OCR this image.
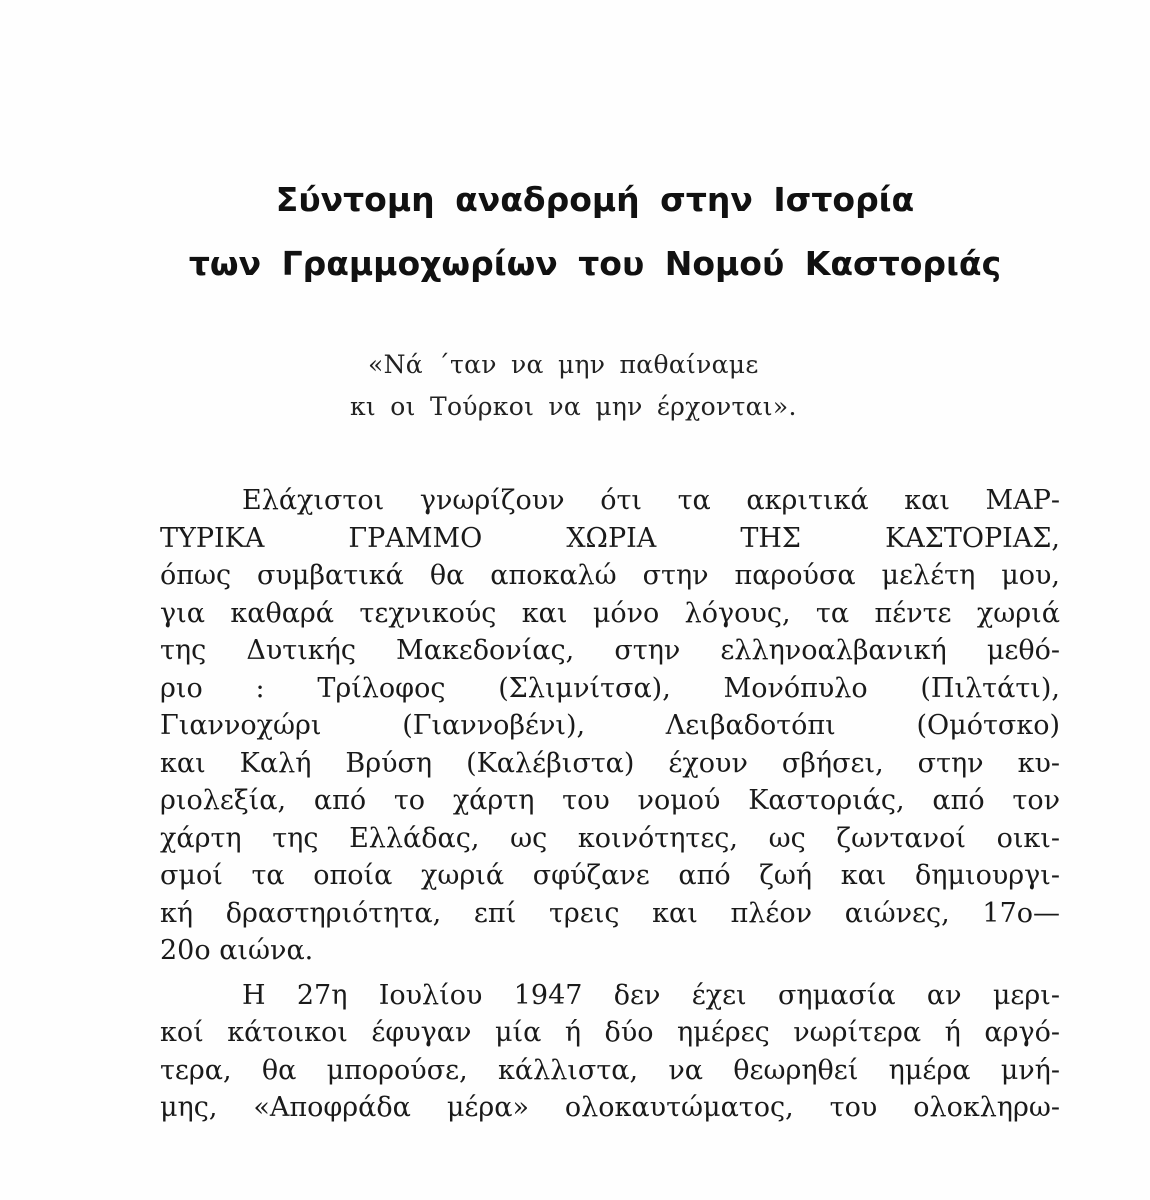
Σύντομη αναδρομή στην Ιστορία
των Γραμμοχωρίων του Νομού Καστοριάς
«Νά ΄ταν να μην παθαίναμε
κι οι Τούρκοι να μην έρχονται».
Ελάχιστοι γνωρίζουν ότι τα ακριτικά και ΜΑΡ-
ΤΥΡΙΚΑ ΓΡΑΜΜΟ ΧΩΡΙΑ ΤΗΣ ΚΑΣΤΟΡΙΑΣ,
όπως συμβατικά θα αποκαλώ στην παρούσα μελέτη μου,
για καθαρά τεχνικούς και μόνο λόγους, τα πέντε χωριά
της Δυτικής Μακεδονίας, στην ελληνοαλβανική μεθό-
ριο : Τρίλοφος (Σλιμνίτσα), Μονόπυλο (Πιλτάτι),
Γιαννοχώρι (Γιαννοβένι), Λειβαδοτόπι (Ομότσκο)
και Καλή Βρύση (Καλέβιστα) έχουν σβήσει, στην κυ-
ριολεξία, από το χάρτη του νομού Καστοριάς, από τον
χάρτη της Ελλάδας, ως κοινότητες, ως ζωντανοί οικι-
σμοί τα οποία χωριά σφύζανε από ζωή και δημιουργι-
κή δραστηριότητα, επί τρεις και πλέον αιώνες, 17ο—
20ο αιώνα.
Η 27η Ιουλίου 1947 δεν έχει σημασία αν μερι-
κοί κάτοικοι έφυγαν μία ή δύο ημέρες νωρίτερα ή αργό-
τερα, θα μπορούσε, κάλλιστα, να θεωρηθεί ημέρα μνή-
μης, «Αποφράδα μέρα» ολοκαυτώματος, του ολοκληρω-
